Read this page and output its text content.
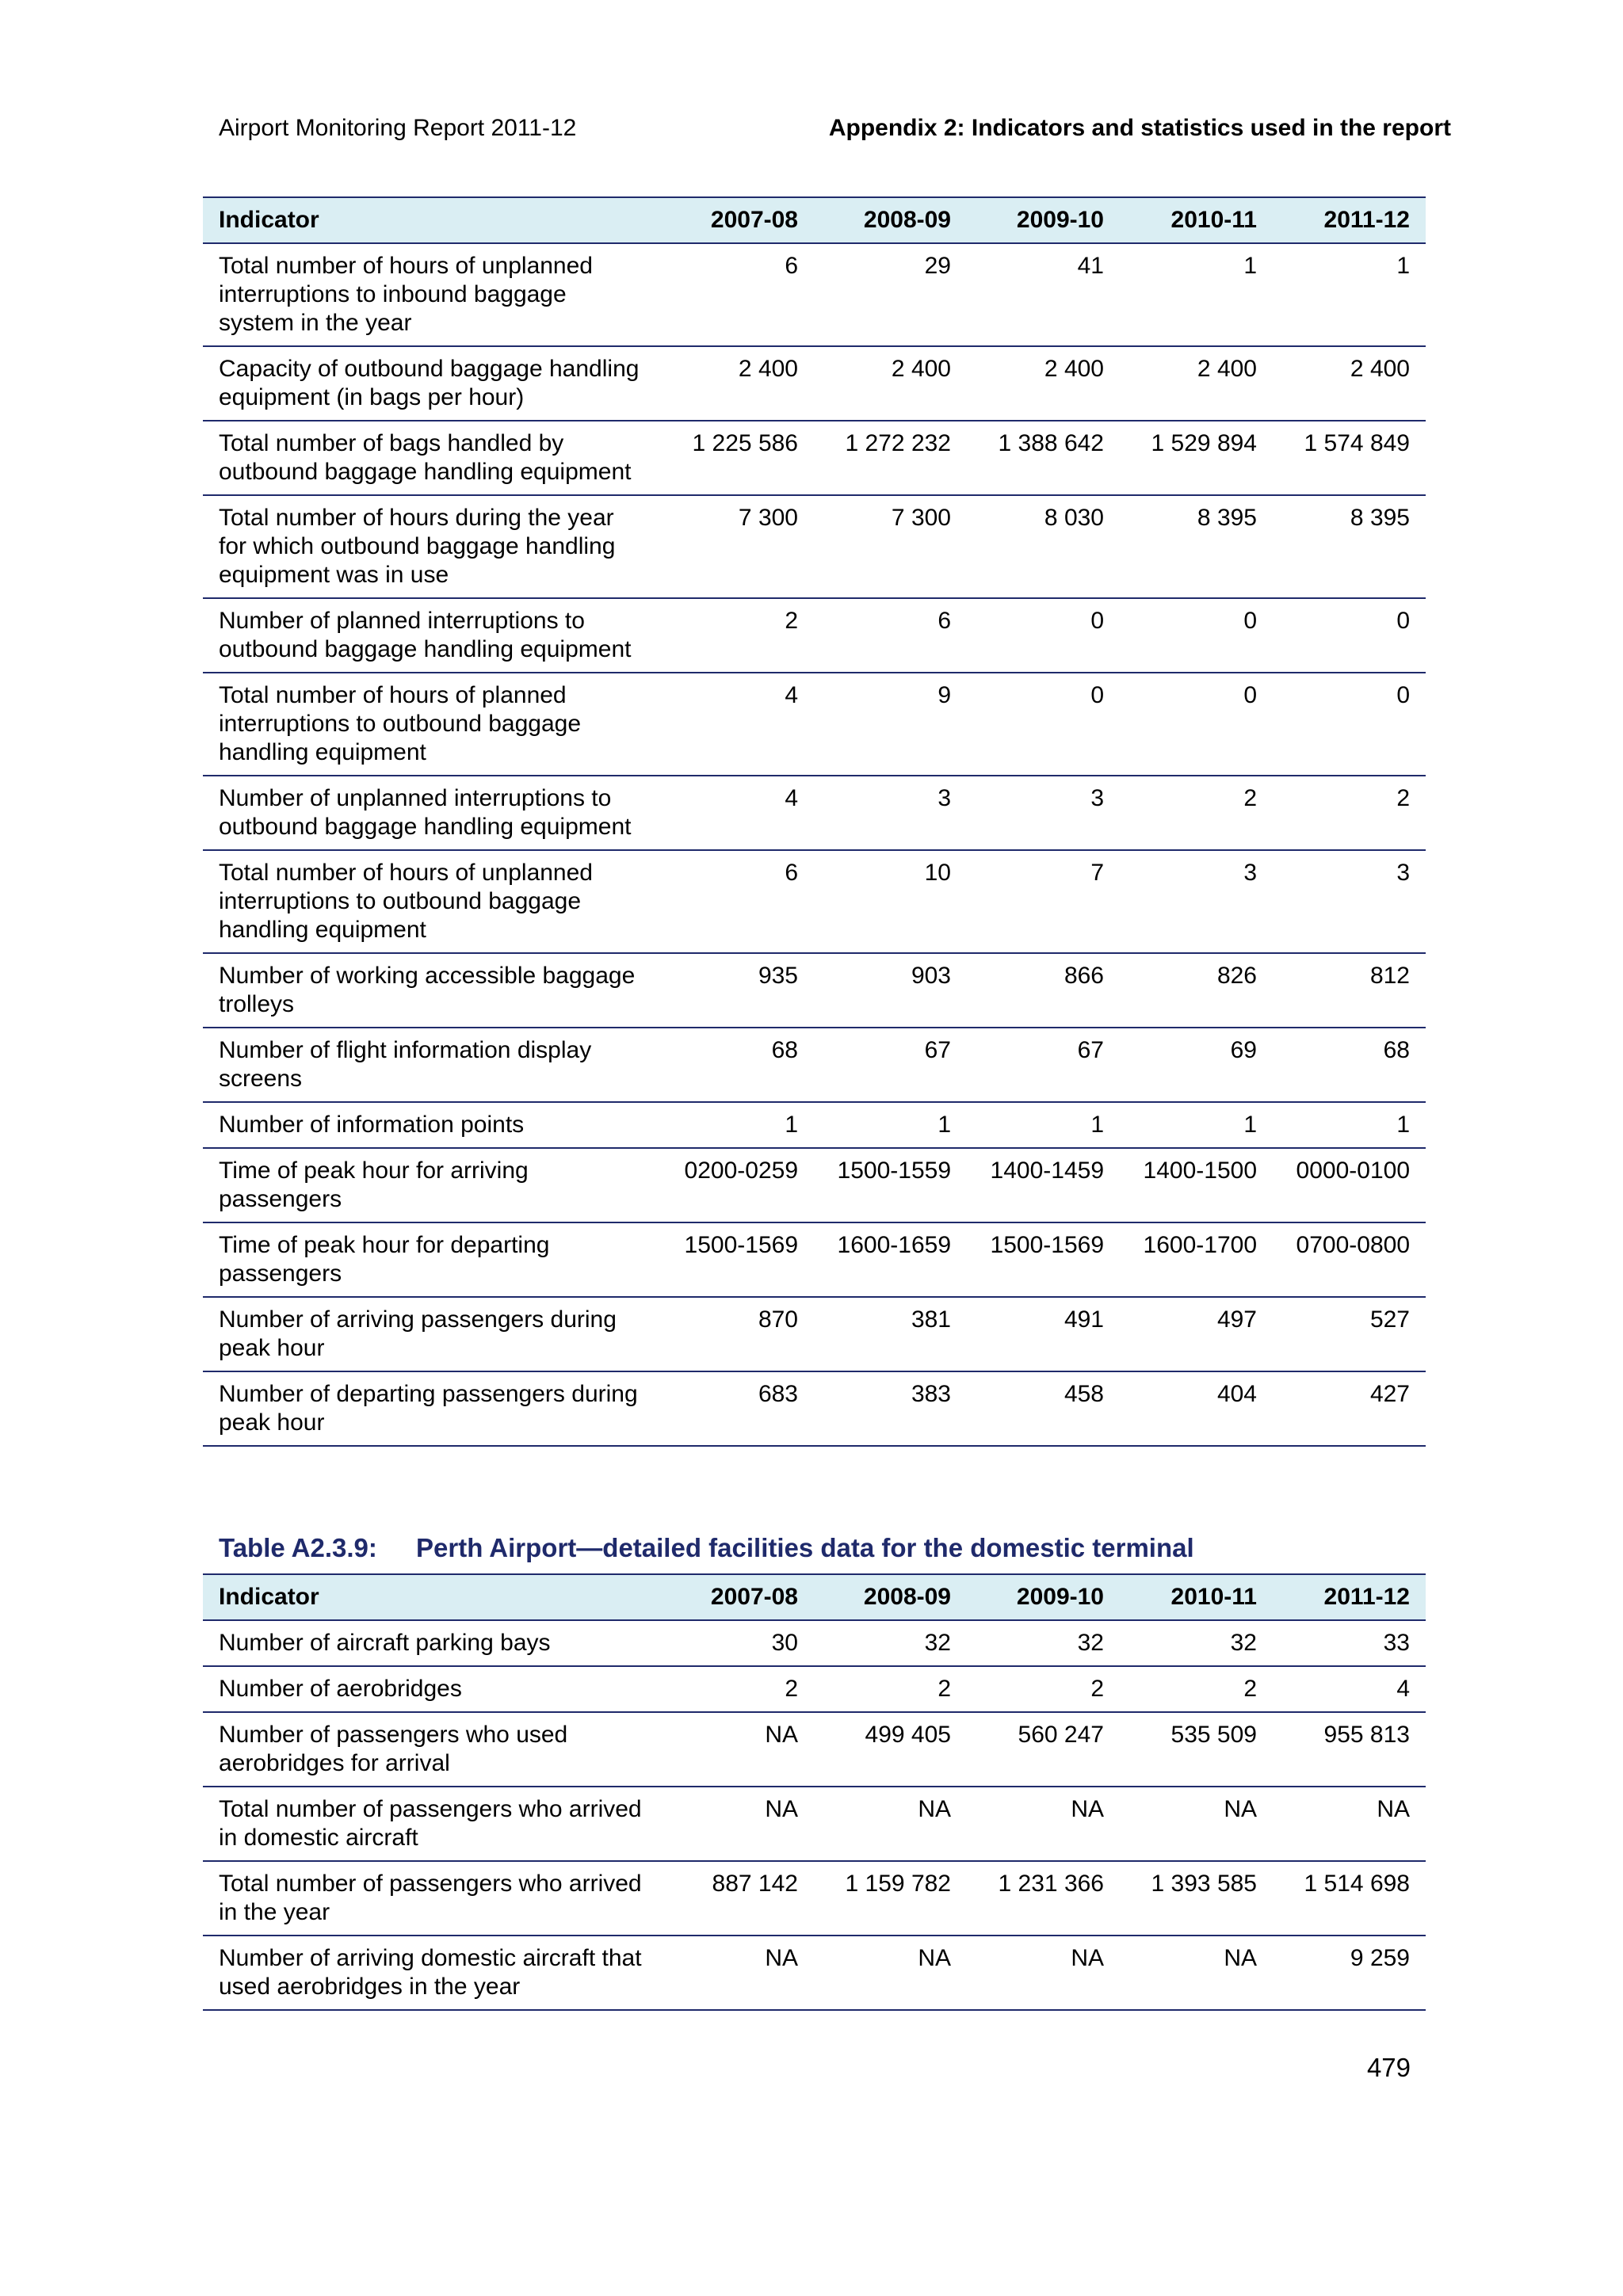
Airport Monitoring Report 2011-12	Appendix 2: Indicators and statistics used in the report
Indicator	2007-08	2008-09	2009-10	2010-11	2011-12
Total number of hours of unplanned interruptions to inbound baggage system in the year	6	29	41	1	1
Capacity of outbound baggage handling equipment (in bags per hour)	2 400	2 400	2 400	2 400	2 400
Total number of bags handled by outbound baggage handling equipment	1 225 586	1 272 232	1 388 642	1 529 894	1 574 849
Total number of hours during the year for which outbound baggage handling equipment was in use	7 300	7 300	8 030	8 395	8 395
Number of planned interruptions to outbound baggage handling equipment	2	6	0	0	0
Total number of hours of planned interruptions to outbound baggage handling equipment	4	9	0	0	0
Number of unplanned interruptions to outbound baggage handling equipment	4	3	3	2	2
Total number of hours of unplanned interruptions to outbound baggage handling equipment	6	10	7	3	3
Number of working accessible baggage trolleys	935	903	866	826	812
Number of flight information display screens	68	67	67	69	68
Number of information points	1	1	1	1	1
Time of peak hour for arriving passengers	0200-0259	1500-1559	1400-1459	1400-1500	0000-0100
Time of peak hour for departing passengers	1500-1569	1600-1659	1500-1569	1600-1700	0700-0800
Number of arriving passengers during peak hour	870	381	491	497	527
Number of departing passengers during peak hour	683	383	458	404	427
Table A2.3.9: Perth Airport—detailed facilities data for the domestic terminal
Indicator	2007-08	2008-09	2009-10	2010-11	2011-12
Number of aircraft parking bays	30	32	32	32	33
Number of aerobridges	2	2	2	2	4
Number of passengers who used aerobridges for arrival	NA	499 405	560 247	535 509	955 813
Total number of passengers who arrived in domestic aircraft	NA	NA	NA	NA	NA
Total number of passengers who arrived in the year	887 142	1 159 782	1 231 366	1 393 585	1 514 698
Number of arriving domestic aircraft that used aerobridges in the year	NA	NA	NA	NA	9 259
479
